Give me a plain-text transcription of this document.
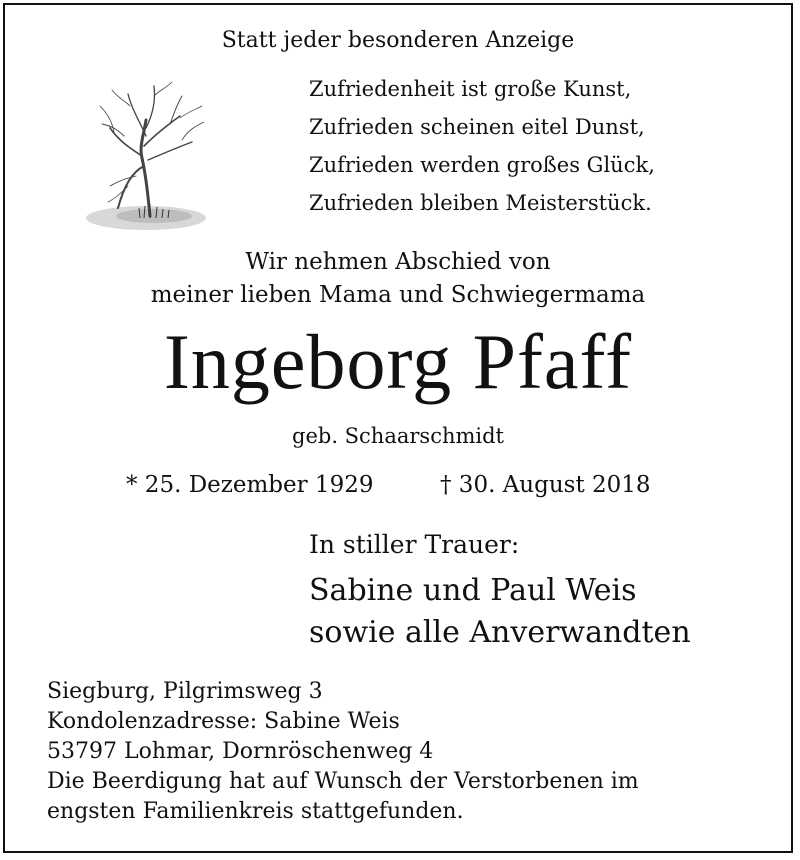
Statt jeder besonderen Anzeige
Zufriedenheit ist große Kunst,
Zufrieden scheinen eitel Dunst,
Zufrieden werden großes Glück,
Zufrieden bleiben Meisterstück.
Wir nehmen Abschied von
meiner lieben Mama und Schwiegermama
Ingeborg Pfaff
geb. Schaarschmidt
* 25. Dezember 1929	† 30. August 2018
In stiller Trauer:
Sabine und Paul Weis
sowie alle Anverwandten
Siegburg, Pilgrimsweg 3
Kondolenzadresse: Sabine Weis
53797 Lohmar, Dornröschenweg 4
Die Beerdigung hat auf Wunsch der Verstorbenen im
engsten Familienkreis stattgefunden.
